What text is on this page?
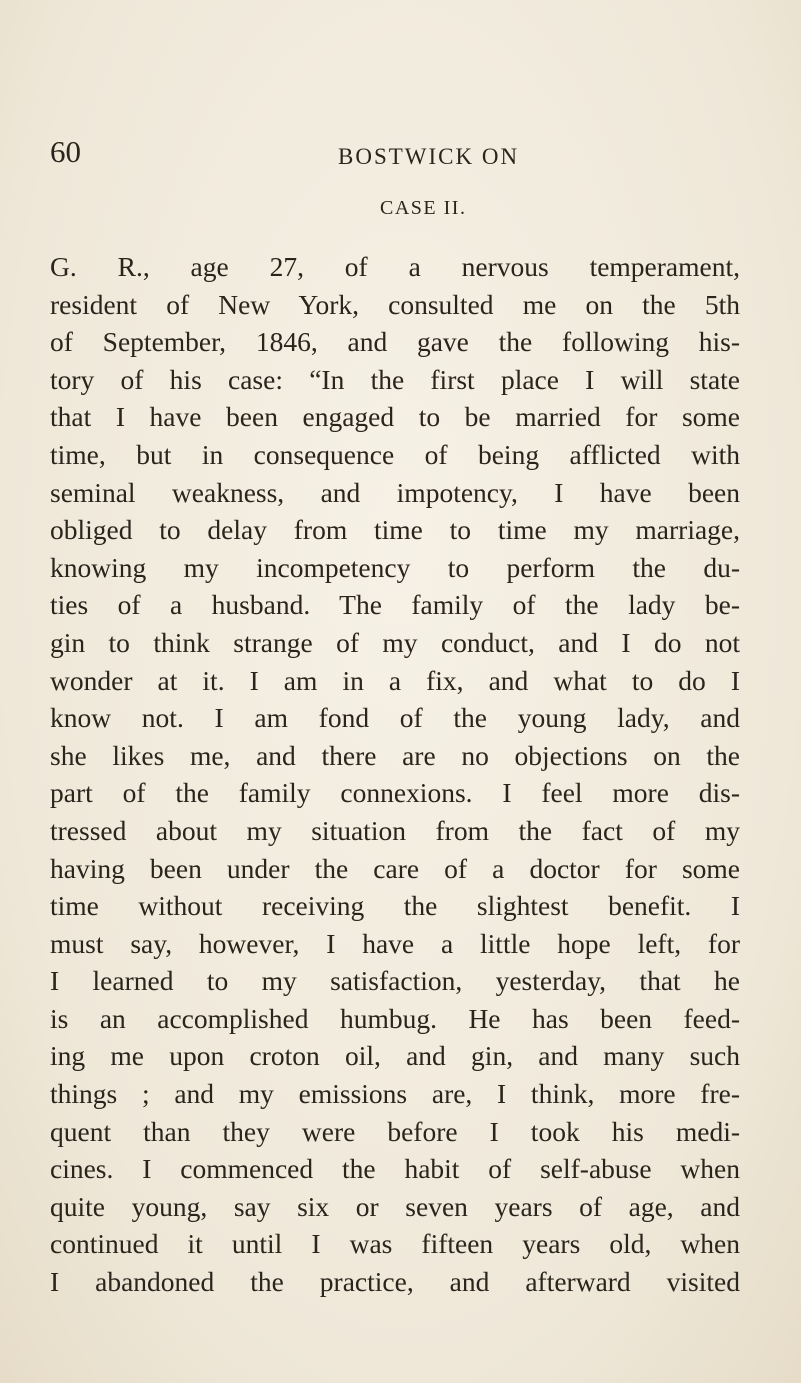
60	BOSTWICK ON
CASE II.
G. R., age 27, of a nervous temperament,
resident of New York, consulted me on the 5th
of September, 1846, and gave the following his-
tory of his case: “In the first place I will state
that I have been engaged to be married for some
time, but in consequence of being afflicted with
seminal weakness, and impotency, I have been
obliged to delay from time to time my marriage,
knowing my incompetency to perform the du-
ties of a husband. The family of the lady be-
gin to think strange of my conduct, and I do not
wonder at it. I am in a fix, and what to do I
know not. I am fond of the young lady, and
she likes me, and there are no objections on the
part of the family connexions. I feel more dis-
tressed about my situation from the fact of my
having been under the care of a doctor for some
time without receiving the slightest benefit. I
must say, however, I have a little hope left, for
I learned to my satisfaction, yesterday, that he
is an accomplished humbug. He has been feed-
ing me upon croton oil, and gin, and many such
things ; and my emissions are, I think, more fre-
quent than they were before I took his medi-
cines. I commenced the habit of self-abuse when
quite young, say six or seven years of age, and
continued it until I was fifteen years old, when
I abandoned the practice, and afterward visited
